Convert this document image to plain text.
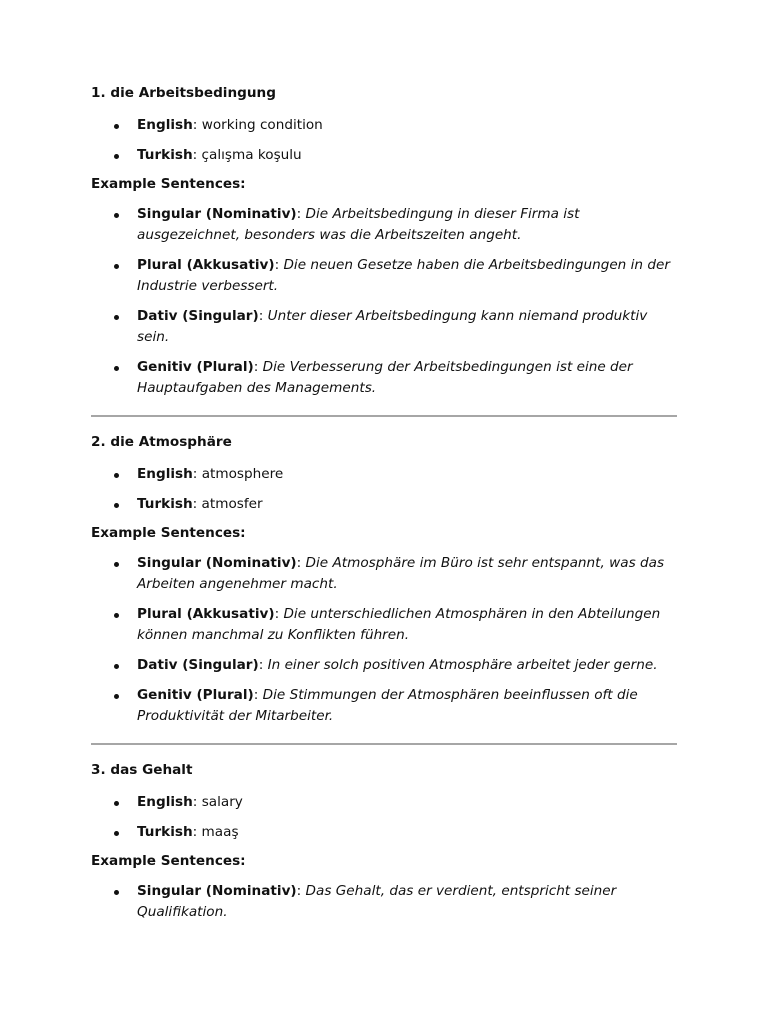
1. die Arbeitsbedingung
English: working condition
Turkish: çalışma koşulu
Example Sentences:
Singular (Nominativ): Die Arbeitsbedingung in dieser Firma ist ausgezeichnet, besonders was die Arbeitszeiten angeht.
Plural (Akkusativ): Die neuen Gesetze haben die Arbeitsbedingungen in der Industrie verbessert.
Dativ (Singular): Unter dieser Arbeitsbedingung kann niemand produktiv sein.
Genitiv (Plural): Die Verbesserung der Arbeitsbedingungen ist eine der Hauptaufgaben des Managements.
2. die Atmosphäre
English: atmosphere
Turkish: atmosfer
Example Sentences:
Singular (Nominativ): Die Atmosphäre im Büro ist sehr entspannt, was das Arbeiten angenehmer macht.
Plural (Akkusativ): Die unterschiedlichen Atmosphären in den Abteilungen können manchmal zu Konflikten führen.
Dativ (Singular): In einer solch positiven Atmosphäre arbeitet jeder gerne.
Genitiv (Plural): Die Stimmungen der Atmosphären beeinflussen oft die Produktivität der Mitarbeiter.
3. das Gehalt
English: salary
Turkish: maaş
Example Sentences:
Singular (Nominativ): Das Gehalt, das er verdient, entspricht seiner Qualifikation.
